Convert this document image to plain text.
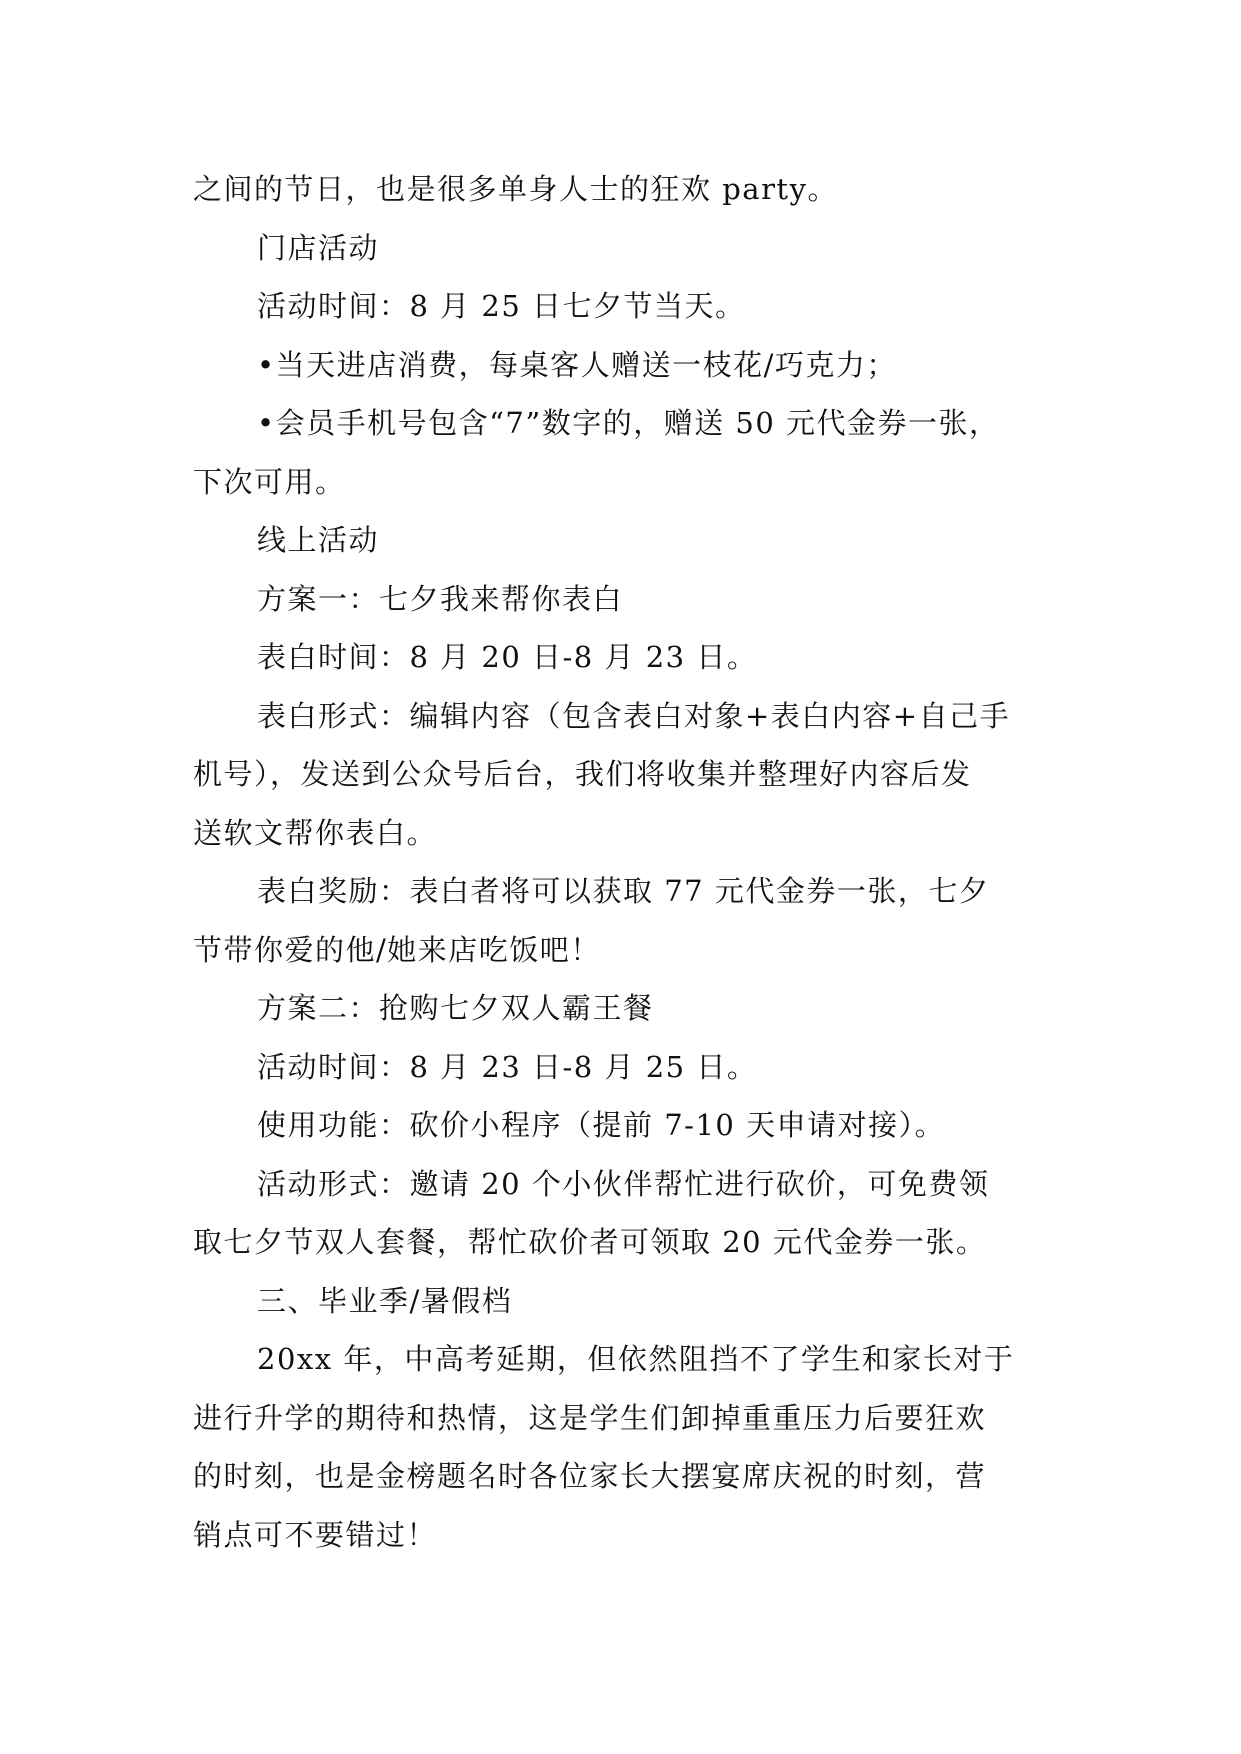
之间的节日，也是很多单身人士的狂欢 party。

门店活动

活动时间：8 月 25 日七夕节当天。

•当天进店消费，每桌客人赠送一枝花/巧克力；

•会员手机号包含“7”数字的，赠送 50 元代金券一张，

下次可用。

线上活动

方案一：七夕我来帮你表白

表白时间：8 月 20 日-8 月 23 日。

表白形式：编辑内容（包含表白对象+表白内容+自己手

机号），发送到公众号后台，我们将收集并整理好内容后发

送软文帮你表白。

表白奖励：表白者将可以获取 77 元代金券一张，七夕

节带你爱的他/她来店吃饭吧！

方案二：抢购七夕双人霸王餐

活动时间：8 月 23 日-8 月 25 日。

使用功能：砍价小程序（提前 7-10 天申请对接）。

活动形式：邀请 20 个小伙伴帮忙进行砍价，可免费领

取七夕节双人套餐，帮忙砍价者可领取 20 元代金券一张。

三、毕业季/暑假档

20xx 年，中高考延期，但依然阻挡不了学生和家长对于

进行升学的期待和热情，这是学生们卸掉重重压力后要狂欢

的时刻，也是金榜题名时各位家长大摆宴席庆祝的时刻，营

销点可不要错过！
